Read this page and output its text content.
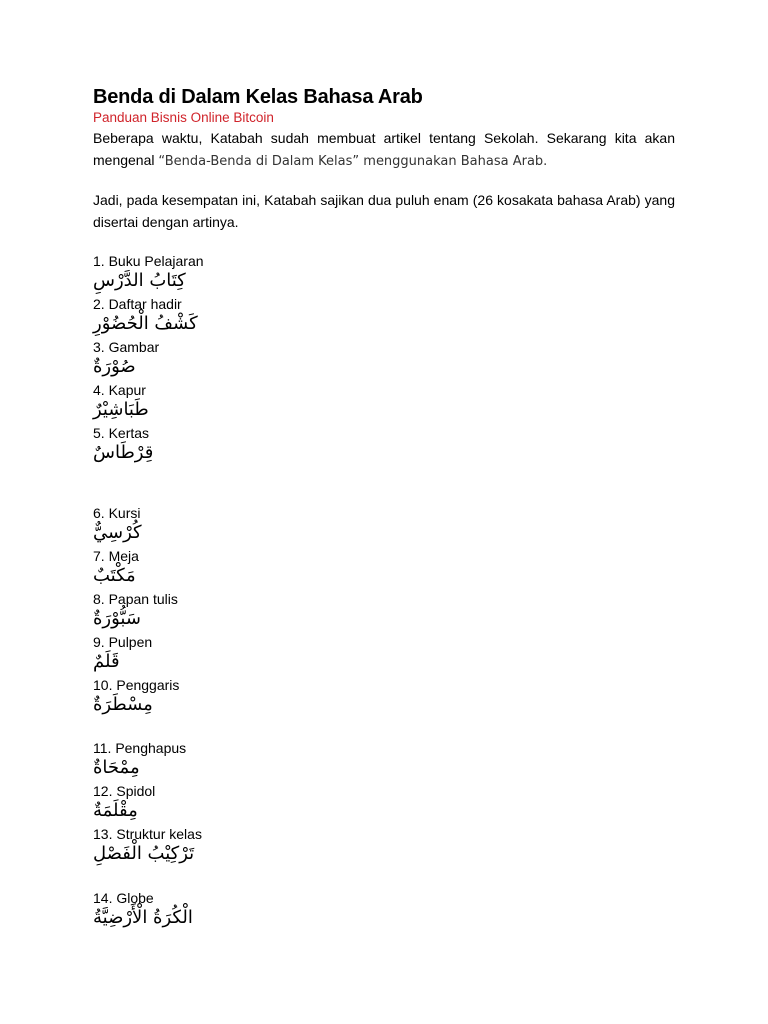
Benda di Dalam Kelas Bahasa Arab
Panduan Bisnis Online Bitcoin

Beberapa waktu, Katabah sudah membuat artikel tentang Sekolah. Sekarang kita akan mengenal “Benda-Benda di Dalam Kelas” menggunakan Bahasa Arab.

Jadi, pada kesempatan ini, Katabah sajikan dua puluh enam (26 kosakata bahasa Arab) yang disertai dengan artinya.

1. Buku Pelajaran
كِتَابُ الدَّرْسِ
2. Daftar hadir
كَشْفُ الْحُضُوْرِ
3. Gambar
صُوْرَةٌ
4. Kapur
طَبَاشِيْرٌ
5. Kertas
قِرْطَاسٌ
6. Kursi
كُرْسِيٌّ
7. Meja
مَكْتَبٌ
8. Papan tulis
سَبُّوْرَةٌ
9. Pulpen
قَلَمٌ
10. Penggaris
مِسْطَرَةٌ
11. Penghapus
مِمْحَاةٌ
12. Spidol
مِقْلَمَةٌ
13. Struktur kelas
تَرْكِيْبُ الْفَصْلِ
14. Globe
الْكُرَةُ الْأَرْضِيَّةُ
